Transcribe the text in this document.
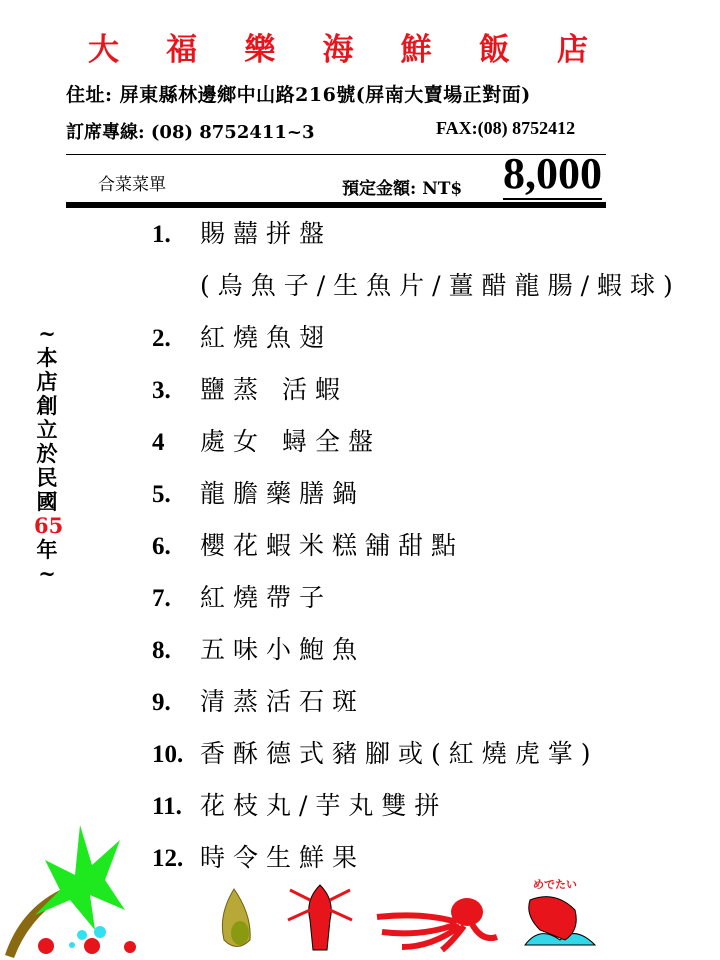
大 福 樂 海 鮮 飯 店
住址: 屏東縣林邊鄉中山路216號(屏南大賣場正對面)
訂席專線: (08) 8752411~3	FAX:(08) 8752412
合菜菜單	預定金額: NT$ 8,000
1. 賜囍拼盤
(烏魚子/生魚片/薑醋龍腸/蝦球)
2. 紅燒魚翅
3. 鹽蒸 活蝦
4 處女 蟳全盤
5. 龍膽藥膳鍋
6. 櫻花蝦米糕舖甜點
7. 紅燒帶子
8. 五味小鮑魚
9. 清蒸活石斑
10. 香酥德式豬腳或(紅燒虎掌)
11. 花枝丸/芋丸雙拼
12. 時令生鮮果
~
本
店
創
立
於
民
國
65
年
~
めでたい
